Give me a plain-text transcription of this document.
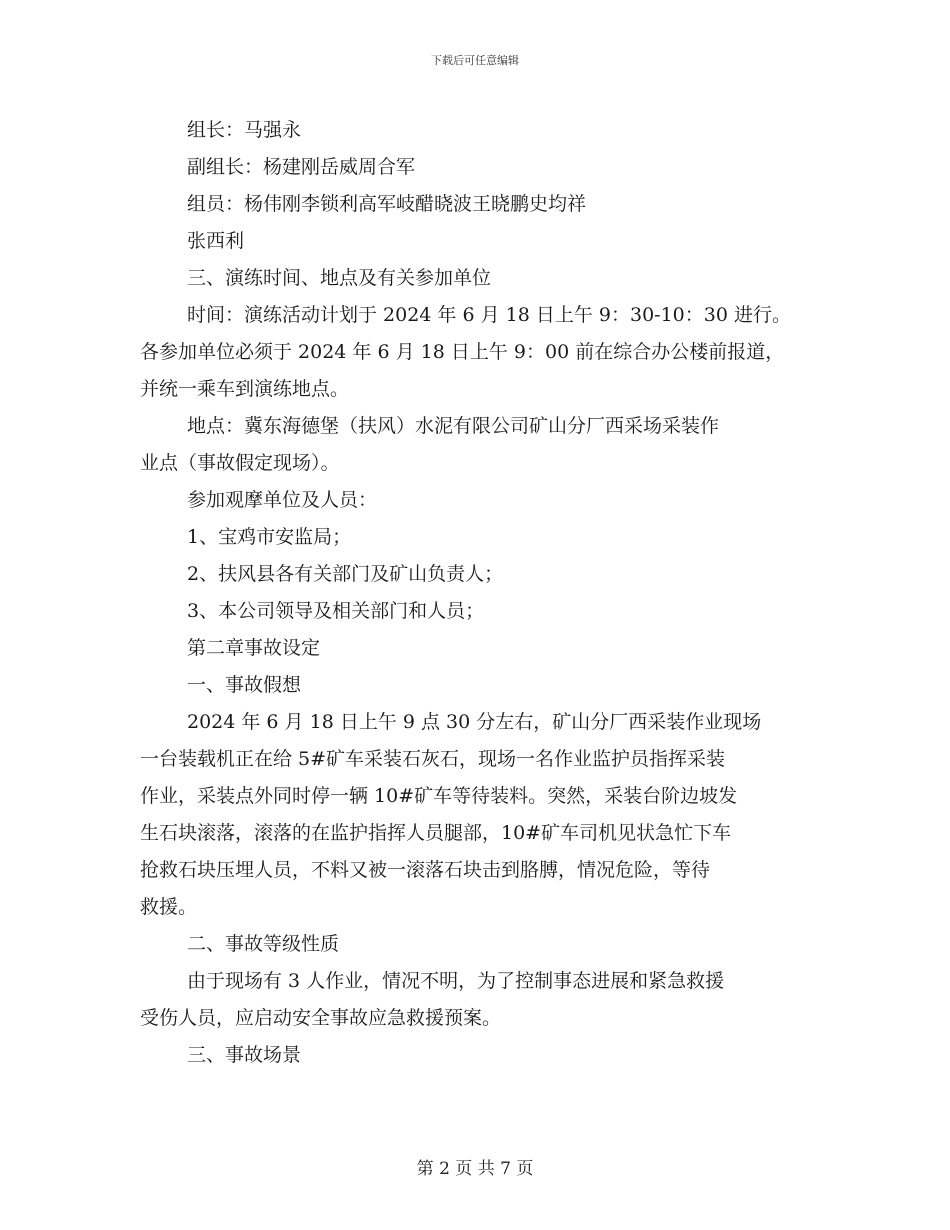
下载后可任意编辑
组长：马强永
副组长：杨建刚岳威周合军
组员：杨伟刚李锁利高军岐醋晓波王晓鹏史均祥
张西利
三、演练时间、地点及有关参加单位
时间：演练活动计划于 2024 年 6 月 18 日上午 9：30-10：30 进行。
各参加单位必须于 2024 年 6 月 18 日上午 9：00 前在综合办公楼前报道，
并统一乘车到演练地点。
地点：冀东海德堡（扶风）水泥有限公司矿山分厂西采场采装作
业点（事故假定现场）。
参加观摩单位及人员：
1、宝鸡市安监局；
2、扶风县各有关部门及矿山负责人；
3、本公司领导及相关部门和人员；
第二章事故设定
一、事故假想
2024 年 6 月 18 日上午 9 点 30 分左右，矿山分厂西采装作业现场
一台装载机正在给 5#矿车采装石灰石，现场一名作业监护员指挥采装
作业，采装点外同时停一辆 10#矿车等待装料。突然，采装台阶边坡发
生石块滚落，滚落的在监护指挥人员腿部，10#矿车司机见状急忙下车
抢救石块压埋人员，不料又被一滚落石块击到胳膊，情况危险，等待
救援。
二、事故等级性质
由于现场有 3 人作业，情况不明，为了控制事态进展和紧急救援
受伤人员，应启动安全事故应急救援预案。
三、事故场景
第 2 页 共 7 页
